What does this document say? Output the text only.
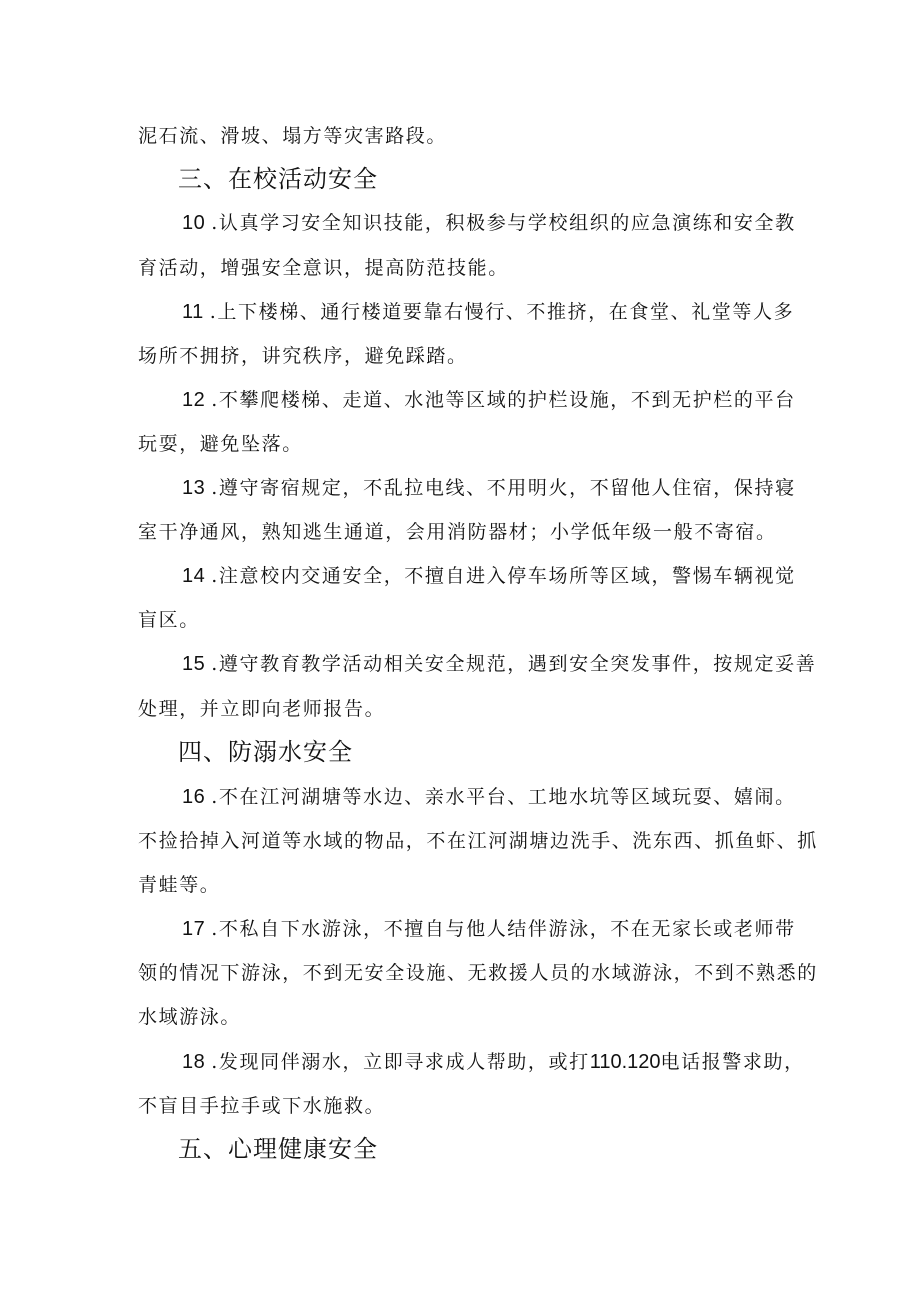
泥石流、滑坡、塌方等灾害路段。
三、在校活动安全
10 .认真学习安全知识技能，积极参与学校组织的应急演练和安全教
育活动，增强安全意识，提高防范技能。
11 .上下楼梯、通行楼道要靠右慢行、不推挤，在食堂、礼堂等人多
场所不拥挤，讲究秩序，避免踩踏。
12 .不攀爬楼梯、走道、水池等区域的护栏设施，不到无护栏的平台
玩耍，避免坠落。
13 .遵守寄宿规定，不乱拉电线、不用明火，不留他人住宿，保持寝
室干净通风，熟知逃生通道，会用消防器材；小学低年级一般不寄宿。
14 .注意校内交通安全，不擅自进入停车场所等区域，警惕车辆视觉
盲区。
15 .遵守教育教学活动相关安全规范，遇到安全突发事件，按规定妥善
处理，并立即向老师报告。
四、防溺水安全
16 .不在江河湖塘等水边、亲水平台、工地水坑等区域玩耍、嬉闹。
不捡拾掉入河道等水域的物品，不在江河湖塘边洗手、洗东西、抓鱼虾、抓
青蛙等。
17 .不私自下水游泳，不擅自与他人结伴游泳，不在无家长或老师带
领的情况下游泳，不到无安全设施、无救援人员的水域游泳，不到不熟悉的
水域游泳。
18 .发现同伴溺水，立即寻求成人帮助，或打110.120电话报警求助，
不盲目手拉手或下水施救。
五、心理健康安全
